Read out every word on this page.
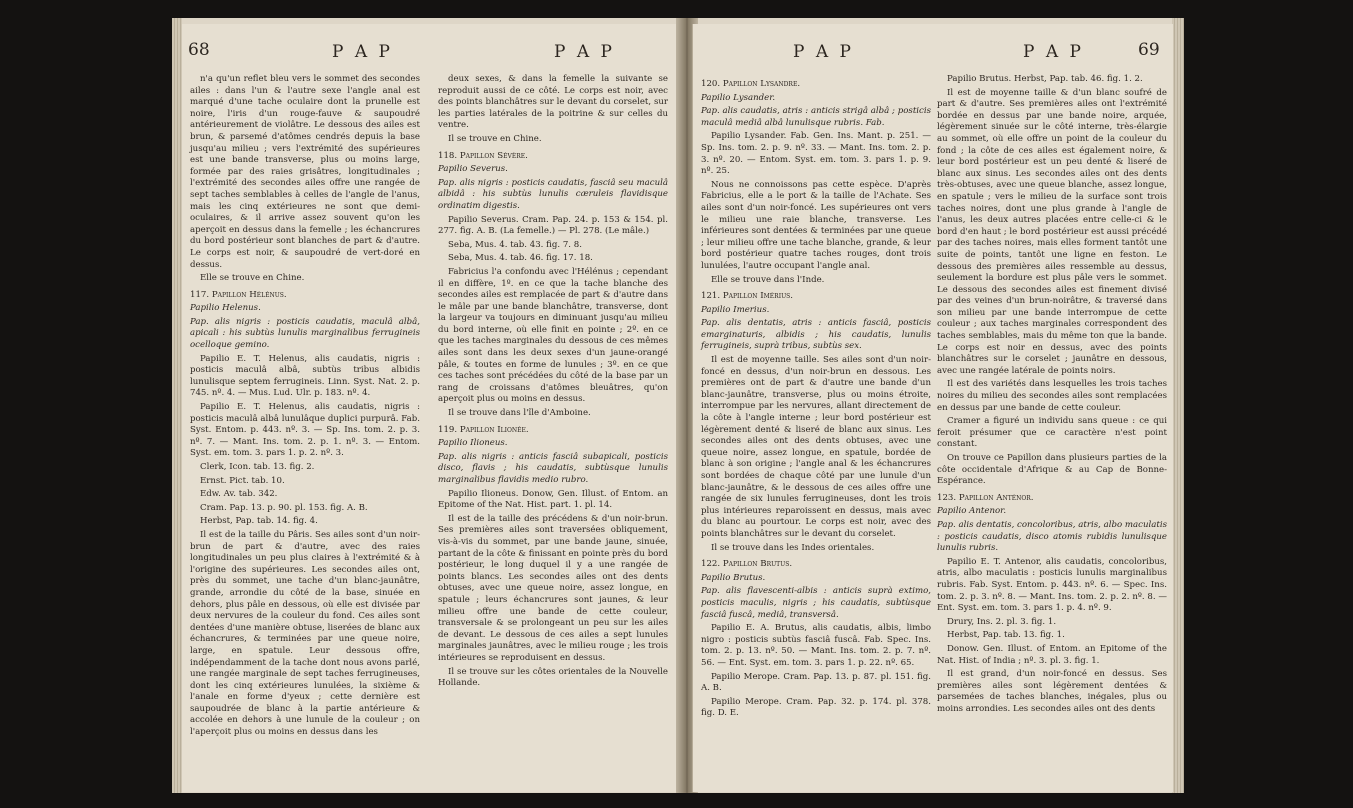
68	P A P	P A P

n'a qu'un reflet bleu vers le sommet des secondes ailes : dans l'un & l'autre sexe l'angle anal est marqué d'une tache oculaire dont la prunelle est noire, l'iris d'un rouge-fauve & saupoudré antérieurement de violâtre. Le dessous des ailes est brun, & parsemé d'atômes cendrés depuis la base jusqu'au milieu ; vers l'extrémité des supérieures est une bande transverse, plus ou moins large, formée par des raies grisâtres, longitudinales ; l'extrémité des secondes ailes offre une rangée de sept taches semblables à celles de l'angle de l'anus, mais les cinq extérieures ne sont que demi-oculaires, & il arrive assez souvent qu'on les aperçoit en dessus dans la femelle ; les échancrures du bord postérieur sont blanches de part & d'autre. Le corps est noir, & saupoudré de vert-doré en dessus.

Elle se trouve en Chine.

117. Papillon Hélénus.

Papilio Helenus.

Pap. alis nigris : posticis caudatis, maculâ albâ, apicali : his subtùs lunulis marginalibus ferrugineis ocelloque gemino.

Papilio E. T. Helenus, alis caudatis, nigris : posticis maculâ albâ, subtùs tribus albidis lunulisque septem ferrugineis. Linn. Syst. Nat. 2. p. 745. nº. 4. — Mus. Lud. Ulr. p. 183. nº. 4.

Papilio E. T. Helenus, alis caudatis, nigris : posticis maculâ albâ lunulâque duplici purpurâ. Fab. Syst. Entom. p. 443. nº. 3. — Sp. Ins. tom. 2. p. 3. nº. 7. — Mant. Ins. tom. 2. p. 1. nº. 3. — Entom. Syst. em. tom. 3. pars 1. p. 2. nº. 3.

Clerk, Icon. tab. 13. fig. 2.

Ernst. Pict. tab. 10.

Edw. Av. tab. 342.

Cram. Pap. 13. p. 90. pl. 153. fig. A. B.

Herbst, Pap. tab. 14. fig. 4.

Il est de la taille du Pâris. Ses ailes sont d'un noir-brun de part & d'autre, avec des raies longitudinales un peu plus claires à l'extrémité & à l'origine des supérieures. Les secondes ailes ont, près du sommet, une tache d'un blanc-jaunâtre, grande, arrondie du côté de la base, sinuée en dehors, plus pâle en dessous, où elle est divisée par deux nervures de la couleur du fond. Ces ailes sont dentées d'une manière obtuse, liserées de blanc aux échancrures, & terminées par une queue noire, large, en spatule. Leur dessous offre, indépendamment de la tache dont nous avons parlé, une rangée marginale de sept taches ferrugineuses, dont les cinq extérieures lunulées, la sixième & l'anale en forme d'yeux ; cette dernière est saupoudrée de blanc à la partie antérieure & accolée en dehors à une lunule de la couleur ; on l'aperçoit plus ou moins en dessus dans les

deux sexes, & dans la femelle la suivante se reproduit aussi de ce côté. Le corps est noir, avec des points blanchâtres sur le devant du corselet, sur les parties latérales de la poitrine & sur celles du ventre.

Il se trouve en Chine.

118. Papillon Sévère.

Papilio Severus.

Pap. alis nigris : posticis caudatis, fasciâ seu maculâ albidâ : his subtùs lunulis cæruleis flavidisque ordinatim digestis.

Papilio Severus. Cram. Pap. 24. p. 153 & 154. pl. 277. fig. A. B. (La femelle.) — Pl. 278. (Le mâle.)

Seba, Mus. 4. tab. 43. fig. 7. 8.

Seba, Mus. 4. tab. 46. fig. 17. 18.

Fabricius l'a confondu avec l'Hélénus ; cependant il en diffère, 1º. en ce que la tache blanche des secondes ailes est remplacée de part & d'autre dans le mâle par une bande blanchâtre, transverse, dont la largeur va toujours en diminuant jusqu'au milieu du bord interne, où elle finit en pointe ; 2º. en ce que les taches marginales du dessous de ces mêmes ailes sont dans les deux sexes d'un jaune-orangé pâle, & toutes en forme de lunules ; 3º. en ce que ces taches sont précédées du côté de la base par un rang de croissans d'atômes bleuâtres, qu'on aperçoit plus ou moins en dessus.

Il se trouve dans l'île d'Amboine.

119. Papillon Ilionée.

Papilio Ilioneus.

Pap. alis nigris : anticis fasciâ subapicali, posticis disco, flavis ; his caudatis, subtùsque lunulis marginalibus flavidis medio rubro.

Papilio Ilioneus. Donow, Gen. Illust. of Entom. an Epitome of the Nat. Hist. part. 1. pl. 14.

Il est de la taille des précédens & d'un noir-brun. Ses premières ailes sont traversées obliquement, vis-à-vis du sommet, par une bande jaune, sinuée, partant de la côte & finissant en pointe près du bord postérieur, le long duquel il y a une rangée de points blancs. Les secondes ailes ont des dents obtuses, avec une queue noire, assez longue, en spatule ; leurs échancrures sont jaunes, & leur milieu offre une bande de cette couleur, transversale & se prolongeant un peu sur les ailes de devant. Le dessous de ces ailes a sept lunules marginales jaunâtres, avec le milieu rouge ; les trois intérieures se reproduisent en dessus.

Il se trouve sur les côtes orientales de la Nouvelle Hollande.

P A P	P A P	69

120. Papillon Lysandre.

Papilio Lysander.

Pap. alis caudatis, atris : anticis strigâ albâ ; posticis maculâ mediâ albâ lunulisque rubris. Fab.

Papilio Lysander. Fab. Gen. Ins. Mant. p. 251. — Sp. Ins. tom. 2. p. 9. nº. 33. — Mant. Ins. tom. 2. p. 3. nº. 20. — Entom. Syst. em. tom. 3. pars 1. p. 9. nº. 25.

Nous ne connoissons pas cette espèce. D'après Fabricius, elle a le port & la taille de l'Achate. Ses ailes sont d'un noir-foncé. Les supérieures ont vers le milieu une raie blanche, transverse. Les inférieures sont dentées & terminées par une queue ; leur milieu offre une tache blanche, grande, & leur bord postérieur quatre taches rouges, dont trois lunulées, l'autre occupant l'angle anal.

Elle se trouve dans l'Inde.

121. Papillon Imérius.

Papilio Imerius.

Pap. alis dentatis, atris : anticis fasciâ, posticis emarginaturis, albidis ; his caudatis, lunulis ferrugineis, suprà tribus, subtùs sex.

Il est de moyenne taille. Ses ailes sont d'un noir-foncé en dessus, d'un noir-brun en dessous. Les premières ont de part & d'autre une bande d'un blanc-jaunâtre, transverse, plus ou moins étroite, interrompue par les nervures, allant directement de la côte à l'angle interne ; leur bord postérieur est légèrement denté & liseré de blanc aux sinus. Les secondes ailes ont des dents obtuses, avec une queue noire, assez longue, en spatule, bordée de blanc à son origine ; l'angle anal & les échancrures sont bordées de chaque côté par une lunule d'un blanc-jaunâtre, & le dessous de ces ailes offre une rangée de six lunules ferrugineuses, dont les trois plus intérieures reparoissent en dessus, mais avec du blanc au pourtour. Le corps est noir, avec des points blanchâtres sur le devant du corselet.

Il se trouve dans les Indes orientales.

122. Papillon Brutus.

Papilio Brutus.

Pap. alis flavescenti-albis : anticis suprà extimo, posticis maculis, nigris ; his caudatis, subtùsque fasciâ fuscâ, mediâ, transversâ.

Papilio E. A. Brutus, alis caudatis, albis, limbo nigro : posticis subtùs fasciâ fuscâ. Fab. Spec. Ins. tom. 2. p. 13. nº. 50. — Mant. Ins. tom. 2. p. 7. nº. 56. — Ent. Syst. em. tom. 3. pars 1. p. 22. nº. 65.

Papilio Merope. Cram. Pap. 13. p. 87. pl. 151. fig. A. B.

Papilio Merope. Cram. Pap. 32. p. 174. pl. 378. fig. D. E.

Papilio Brutus. Herbst, Pap. tab. 46. fig. 1. 2.

Il est de moyenne taille & d'un blanc soufré de part & d'autre. Ses premières ailes ont l'extrémité bordée en dessus par une bande noire, arquée, légèrement sinuée sur le côté interne, très-élargie au sommet, où elle offre un point de la couleur du fond ; la côte de ces ailes est également noire, & leur bord postérieur est un peu denté & liseré de blanc aux sinus. Les secondes ailes ont des dents très-obtuses, avec une queue blanche, assez longue, en spatule ; vers le milieu de la surface sont trois taches noires, dont une plus grande à l'angle de l'anus, les deux autres placées entre celle-ci & le bord d'en haut ; le bord postérieur est aussi précédé par des taches noires, mais elles forment tantôt une suite de points, tantôt une ligne en feston. Le dessous des premières ailes ressemble au dessus, seulement la bordure est plus pâle vers le sommet. Le dessous des secondes ailes est finement divisé par des veines d'un brun-noirâtre, & traversé dans son milieu par une bande interrompue de cette couleur ; aux taches marginales correspondent des taches semblables, mais du même ton que la bande. Le corps est noir en dessus, avec des points blanchâtres sur le corselet ; jaunâtre en dessous, avec une rangée latérale de points noirs.

Il est des variétés dans lesquelles les trois taches noires du milieu des secondes ailes sont remplacées en dessus par une bande de cette couleur.

Cramer a figuré un individu sans queue : ce qui feroit présumer que ce caractère n'est point constant.

On trouve ce Papillon dans plusieurs parties de la côte occidentale d'Afrique & au Cap de Bonne-Espérance.

123. Papillon Anténor.

Papilio Antenor.

Pap. alis dentatis, concoloribus, atris, albo maculatis : posticis caudatis, disco atomis rubidis lunulisque lunulis rubris.

Papilio E. T. Antenor, alis caudatis, concoloribus, atris, albo maculatis : posticis lunulis marginalibus rubris. Fab. Syst. Entom. p. 443. nº. 6. — Spec. Ins. tom. 2. p. 3. nº. 8. — Mant. Ins. tom. 2. p. 2. nº. 8. — Ent. Syst. em. tom. 3. pars 1. p. 4. nº. 9.

Drury, Ins. 2. pl. 3. fig. 1.

Herbst, Pap. tab. 13. fig. 1.

Donow. Gen. Illust. of Entom. an Epitome of the Nat. Hist. of India ; nº. 3. pl. 3. fig. 1.

Il est grand, d'un noir-foncé en dessus. Ses premières ailes sont légèrement dentées & parsemées de taches blanches, inégales, plus ou moins arrondies. Les secondes ailes ont des dents
